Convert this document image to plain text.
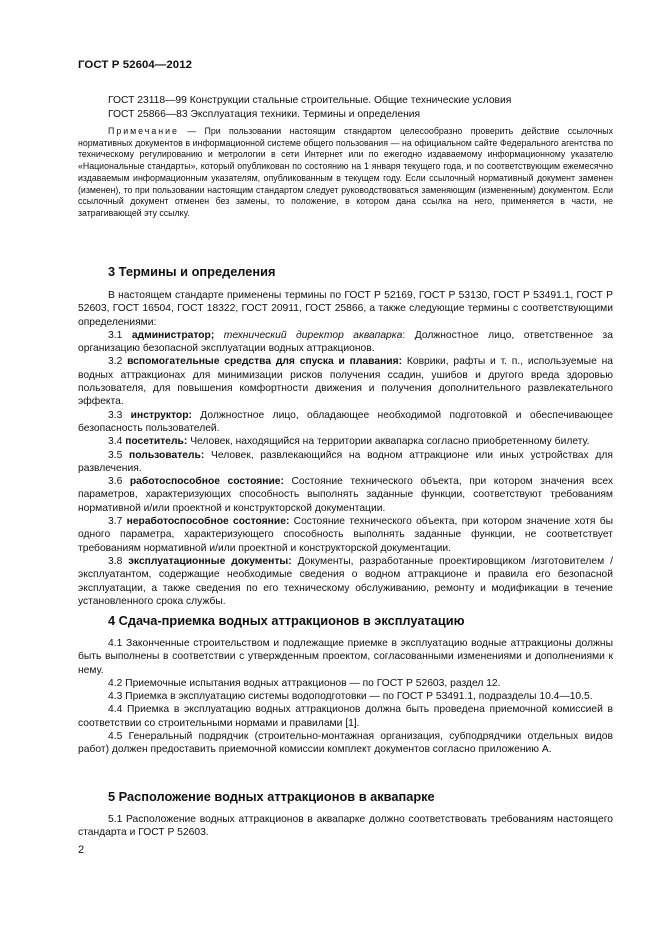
ГОСТ Р 52604—2012

ГОСТ 23118—99 Конструкции стальные строительные. Общие технические условия

ГОСТ 25866—83 Эксплуатация техники. Термины и определения

Примечание — При пользовании настоящим стандартом целесообразно проверить действие ссылочных нормативных документов в информационной системе общего пользования — на официальном сайте Федерального агентства по техническому регулированию и метрологии в сети Интернет или по ежегодно издаваемому информационному указателю «Национальные стандарты», который опубликован по состоянию на 1 января текущего года, и по соответствующим ежемесячно издаваемым информационным указателям, опубликованным в текущем году. Если ссылочный нормативный документ заменен (изменен), то при пользовании настоящим стандартом следует руководствоваться заменяющим (измененным) документом. Если ссылочный документ отменен без замены, то положение, в котором дана ссылка на него, применяется в части, не затрагивающей эту ссылку.

3 Термины и определения

В настоящем стандарте применены термины по ГОСТ Р 52169, ГОСТ Р 53130, ГОСТ Р 53491.1, ГОСТ Р 52603, ГОСТ 16504, ГОСТ 18322, ГОСТ 20911, ГОСТ 25866, а также следующие термины с соответствующими определениями:

3.1 администратор; технический директор аквапарка: Должностное лицо, ответственное за организацию безопасной эксплуатации водных аттракционов.

3.2 вспомогательные средства для спуска и плавания: Коврики, рафты и т. п., используемые на водных аттракционах для минимизации рисков получения ссадин, ушибов и другого вреда здоровью пользователя, для повышения комфортности движения и получения дополнительного развлекательного эффекта.

3.3 инструктор: Должностное лицо, обладающее необходимой подготовкой и обеспечивающее безопасность пользователей.

3.4 посетитель: Человек, находящийся на территории аквапарка согласно приобретенному билету.

3.5 пользователь: Человек, развлекающийся на водном аттракционе или иных устройствах для развлечения.

3.6 работоспособное состояние: Состояние технического объекта, при котором значения всех параметров, характеризующих способность выполнять заданные функции, соответствуют требованиям нормативной и/или проектной и конструкторской документации.

3.7 неработоспособное состояние: Состояние технического объекта, при котором значение хотя бы одного параметра, характеризующего способность выполнять заданные функции, не соответствует требованиям нормативной и/или проектной и конструкторской документации.

3.8 эксплуатационные документы: Документы, разработанные проектировщиком /изготовителем /эксплуатантом, содержащие необходимые сведения о водном аттракционе и правила его безопасной эксплуатации, а также сведения по его техническому обслуживанию, ремонту и модификации в течение установленного срока службы.

4 Сдача-приемка водных аттракционов в эксплуатацию

4.1 Законченные строительством и подлежащие приемке в эксплуатацию водные аттракционы должны быть выполнены в соответствии с утвержденным проектом, согласованными изменениями и дополнениями к нему.

4.2 Приемочные испытания водных аттракционов — по ГОСТ Р 52603, раздел 12.

4.3 Приемка в эксплуатацию системы водоподготовки — по ГОСТ Р 53491.1, подразделы 10.4—10.5.

4.4 Приемка в эксплуатацию водных аттракционов должна быть проведена приемочной комиссией в соответствии со строительными нормами и правилами [1].

4.5 Генеральный подрядчик (строительно-монтажная организация, субподрядчики отдельных видов работ) должен предоставить приемочной комиссии комплект документов согласно приложению А.

5 Расположение водных аттракционов в аквапарке

5.1 Расположение водных аттракционов в аквапарке должно соответствовать требованиям настоящего стандарта и ГОСТ Р 52603.

2
